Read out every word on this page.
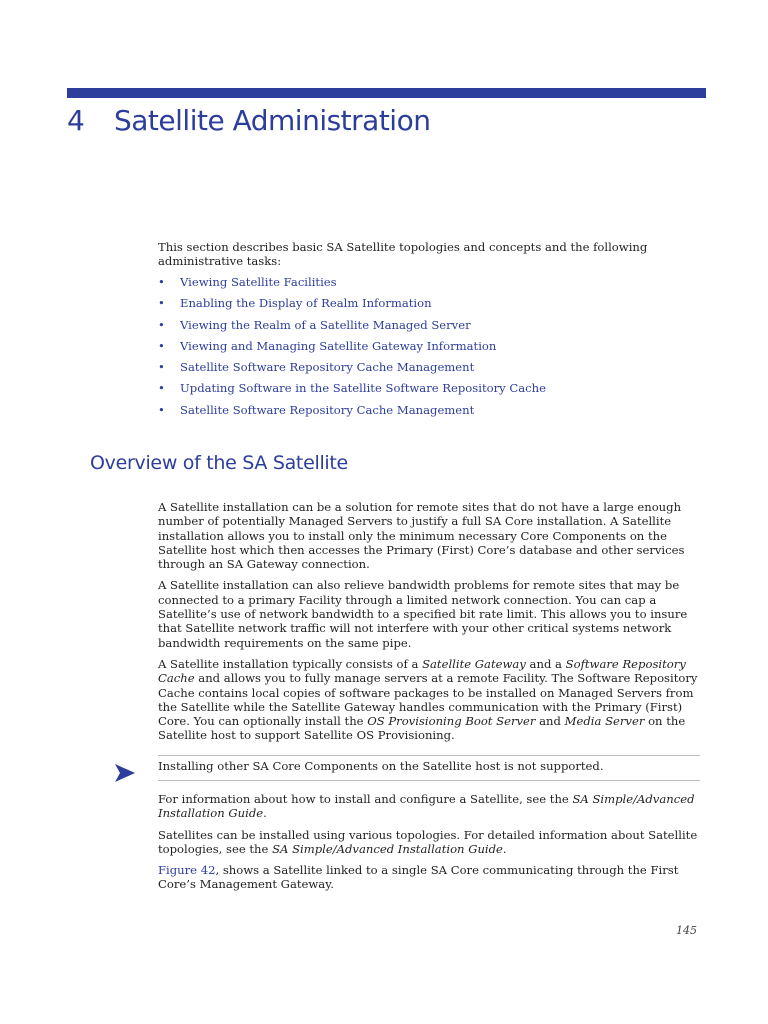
4 Satellite Administration

This section describes basic SA Satellite topologies and concepts and the following administrative tasks:

• Viewing Satellite Facilities
• Enabling the Display of Realm Information
• Viewing the Realm of a Satellite Managed Server
• Viewing and Managing Satellite Gateway Information
• Satellite Software Repository Cache Management
• Updating Software in the Satellite Software Repository Cache
• Satellite Software Repository Cache Management
Overview of the SA Satellite

A Satellite installation can be a solution for remote sites that do not have a large enough number of potentially Managed Servers to justify a full SA Core installation. A Satellite installation allows you to install only the minimum necessary Core Components on the Satellite host which then accesses the Primary (First) Core’s database and other services through an SA Gateway connection.

A Satellite installation can also relieve bandwidth problems for remote sites that may be connected to a primary Facility through a limited network connection. You can cap a Satellite’s use of network bandwidth to a specified bit rate limit. This allows you to insure that Satellite network traffic will not interfere with your other critical systems network bandwidth requirements on the same pipe.

A Satellite installation typically consists of a Satellite Gateway and a Software Repository Cache and allows you to fully manage servers at a remote Facility. The Software Repository Cache contains local copies of software packages to be installed on Managed Servers from the Satellite while the Satellite Gateway handles communication with the Primary (First) Core. You can optionally install the OS Provisioning Boot Server and Media Server on the Satellite host to support Satellite OS Provisioning.

Installing other SA Core Components on the Satellite host is not supported.

For information about how to install and configure a Satellite, see the SA Simple/Advanced Installation Guide.

Satellites can be installed using various topologies. For detailed information about Satellite topologies, see the SA Simple/Advanced Installation Guide.

Figure 42, shows a Satellite linked to a single SA Core communicating through the First Core’s Management Gateway.

145
